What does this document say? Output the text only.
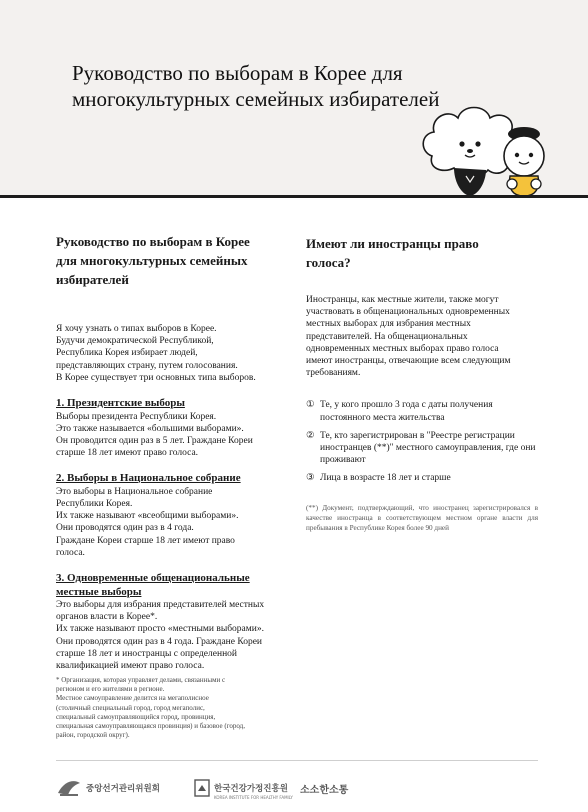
Руководство по выборам в Корее для
многокультурных семейных избирателей
Руководство по выборам в Корее
для многокультурных семейных
избирателей
Я хочу узнать о типах выборов в Корее.
Будучи демократической Республикой,
Республика Корея избирает людей,
представляющих страну, путем голосования.
В Корее существует три основных типа выборов.
1. Президентские выборы
Выборы президента Республики Корея.
Это также называется «большими выборами».
Он проводится один раз в 5 лет. Граждане Кореи
старше 18 лет имеют право голоса.
2. Выборы в Национальное собрание
Это выборы в Национальное собрание
Республики Корея.
Их также называют «всеобщими выборами».
Они проводятся один раз в 4 года.
Граждане Кореи старше 18 лет имеют право
голоса.
3. Одновременные общенациональные
местные выборы
Это выборы для избрания представителей местных
органов власти в Корее*.
Их также называют просто «местными выборами».
Они проводятся один раз в 4 года. Граждане Кореи
старше 18 лет и иностранцы с определенной
квалификацией имеют право голоса.

* Организация, которая управляет делами, связанными с
регионом и его жителями в регионе.
Местное самоуправление делится на мегаполисное
(столичный специальный город, город мегаполис,
специальный самоуправляющийся город, провинция,
специальная самоуправляющаяся провинция) и базовое (город,
район, городской округ).

Имеют ли иностранцы право
голоса?
Иностранцы, как местные жители, также могут
участвовать в общенациональных одновременных
местных выборах для избрания местных
представителей. На общенациональных
одновременных местных выборах право голоса
имеют иностранцы, отвечающие всем следующим
требованиям.
① Те, у кого прошло 3 года с даты получения постоянного места жительства
② Те, кто зарегистрирован в "Реестре регистрации иностранцев (**)" местного самоуправления, где они проживают
③ Лица в возрасте 18 лет и старше

(**) Документ, подтверждающий, что иностранец зарегистрировался в качестве иностранца в соответствующем местном органе власти для пребывания в Республике Корея более 90 дней

중앙선거관리위원회	한국건강가정진흥원
KOREA INSTITUTE FOR HEALTHY FAMILY
소소한소통
